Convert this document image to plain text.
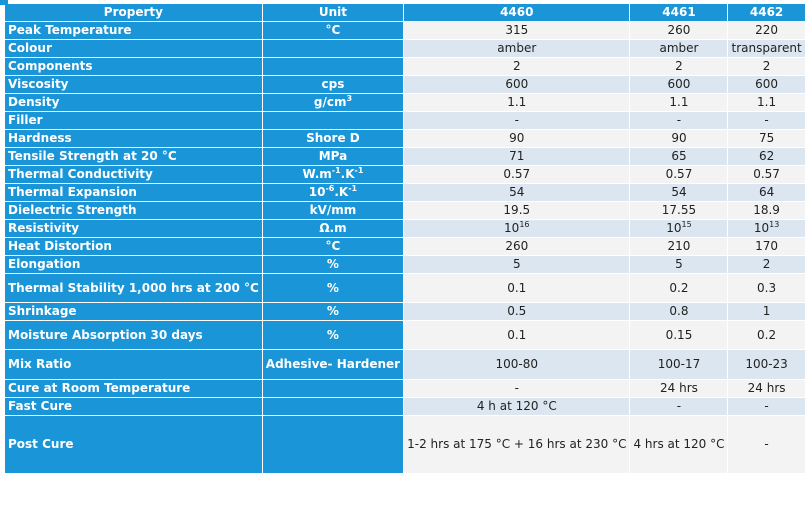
Property	Unit	4460	4461	4462
Peak Temperature	°C	315	260	220
Colour		amber	amber	transparent
Components		2	2	2
Viscosity	cps	600	600	600
Density	$g/cm^3$	1.1	1.1	1.1
Filler		-	-	-
Hardness	Shore D	90	90	75
Tensile Strength at 20 °C	MPa	71	65	62
Thermal Conductivity	$W.m^{-1}.K^{-1}$	0.57	0.57	0.57
Thermal Expansion	$10^{-6}.K^{-1}$	54	54	64
Dielectric Strength	kV/mm	19.5	17.55	18.9
Resistivity	Ω.m	$10^{16}$	$10^{15}$	$10^{13}$
Heat Distortion	°C	260	210	170
Elongation	%	5	5	2
Thermal Stability 1,000 hrs at 200 °C	%	0.1	0.2	0.3
Shrinkage	%	0.5	0.8	1
Moisture Absorption 30 days	%	0.1	0.15	0.2
Mix Ratio	Adhesive- Hardener	100-80	100-17	100-23
Cure at Room Temperature		-	24 hrs	24 hrs
Fast Cure		4 h at 120 °C	-	-
Post Cure		1-2 hrs at 175 °C + 16 hrs at 230 °C	4 hrs at 120 °C	-
